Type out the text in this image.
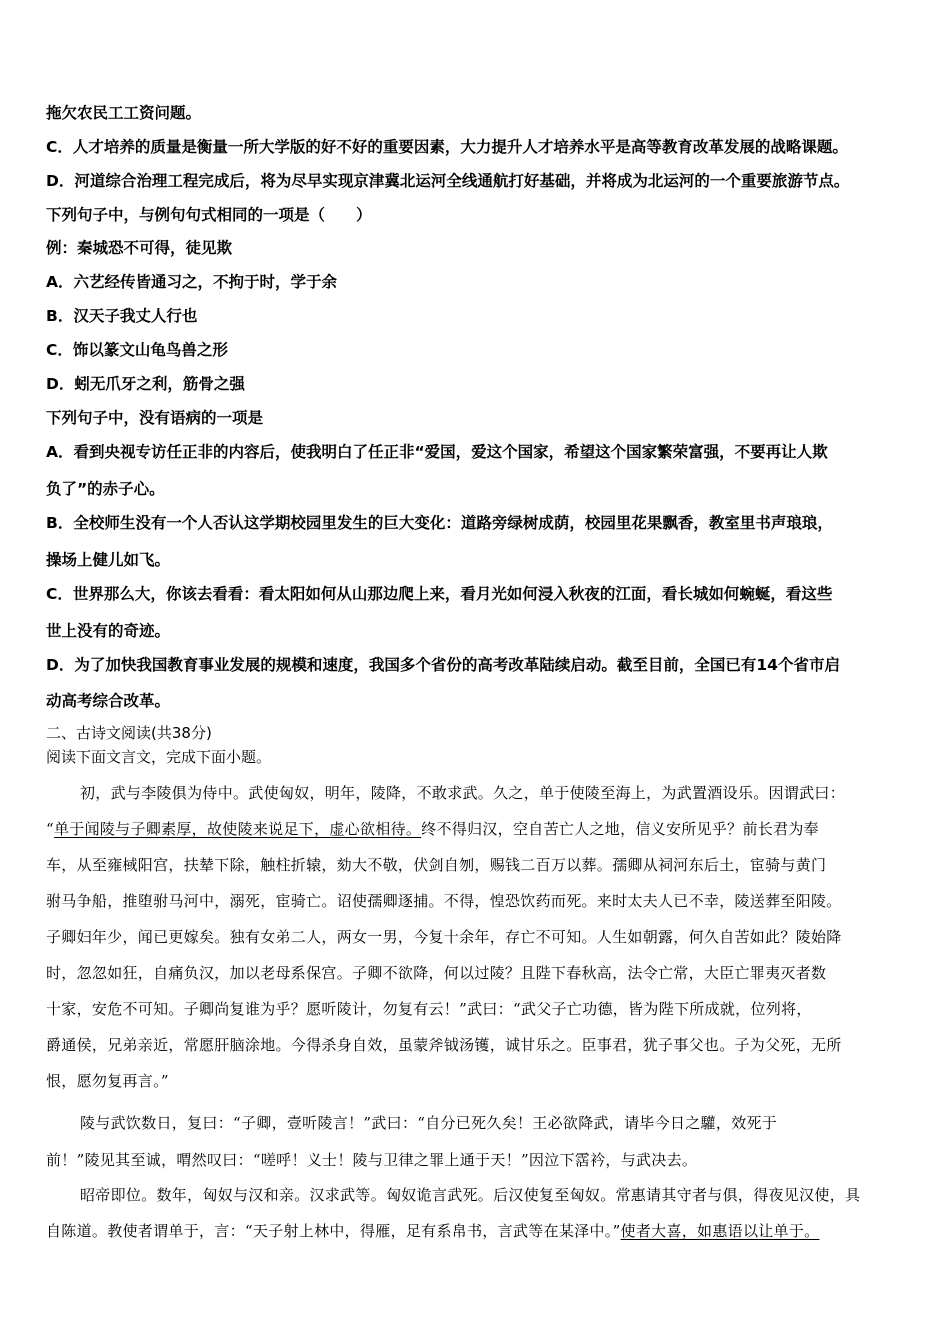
拖欠农民工工资问题。
C．人才培养的质量是衡量一所大学版的好不好的重要因素，大力提升人才培养水平是高等教育改革发展的战略课题。
D．河道综合治理工程完成后，将为尽早实现京津冀北运河全线通航打好基础，并将成为北运河的一个重要旅游节点。
下列句子中，与例句句式相同的一项是（　　）
例：秦城恐不可得，徒见欺
A．六艺经传皆通习之，不拘于时，学于余
B．汉天子我丈人行也
C．饰以篆文山龟鸟兽之形
D．蚓无爪牙之利，筋骨之强
下列句子中，没有语病的一项是
A．看到央视专访任正非的内容后，使我明白了任正非“爱国，爱这个国家，希望这个国家繁荣富强，不要再让人欺
负了”的赤子心。
B．全校师生没有一个人否认这学期校园里发生的巨大变化：道路旁绿树成荫，校园里花果飘香，教室里书声琅琅，
操场上健儿如飞。
C．世界那么大，你该去看看：看太阳如何从山那边爬上来，看月光如何浸入秋夜的江面，看长城如何蜿蜒，看这些
世上没有的奇迹。
D．为了加快我国教育事业发展的规模和速度，我国多个省份的高考改革陆续启动。截至目前，全国已有14个省市启
动高考综合改革。
二、古诗文阅读(共38分)
阅读下面文言文，完成下面小题。
初，武与李陵俱为侍中。武使匈奴，明年，陵降，不敢求武。久之，单于使陵至海上，为武置酒设乐。因谓武曰：
“单于闻陵与子卿素厚，故使陵来说足下，虚心欲相待。终不得归汉，空自苦亡人之地，信义安所见乎？前长君为奉
车，从至雍棫阳宫，扶辇下除，触柱折辕，劾大不敬，伏剑自刎，赐钱二百万以葬。孺卿从祠河东后土，宦骑与黄门
驸马争船，推堕驸马河中，溺死，宦骑亡。诏使孺卿逐捕。不得，惶恐饮药而死。来时太夫人已不幸，陵送葬至阳陵。
子卿妇年少，闻已更嫁矣。独有女弟二人，两女一男，今复十余年，存亡不可知。人生如朝露，何久自苦如此？陵始降
时，忽忽如狂，自痛负汉，加以老母系保宫。子卿不欲降，何以过陵？且陛下春秋高，法令亡常，大臣亡罪夷灭者数
十家，安危不可知。子卿尚复谁为乎？愿听陵计，勿复有云！”武曰：“武父子亡功德，皆为陛下所成就，位列将，
爵通侯，兄弟亲近，常愿肝脑涂地。今得杀身自效，虽蒙斧钺汤镬，诚甘乐之。臣事君，犹子事父也。子为父死，无所
恨，愿勿复再言。”
陵与武饮数日，复曰：“子卿，壹听陵言！”武曰：“自分已死久矣！王必欲降武，请毕今日之驩，效死于
前！”陵见其至诚，喟然叹曰：“嗟呼！义士！陵与卫律之罪上通于天！”因泣下霑衿，与武决去。
昭帝即位。数年，匈奴与汉和亲。汉求武等。匈奴诡言武死。后汉使复至匈奴。常惠请其守者与俱，得夜见汉使，具
自陈道。教使者谓单于，言：“天子射上林中，得雁，足有系帛书，言武等在某泽中。”使者大喜，如惠语以让单于。
